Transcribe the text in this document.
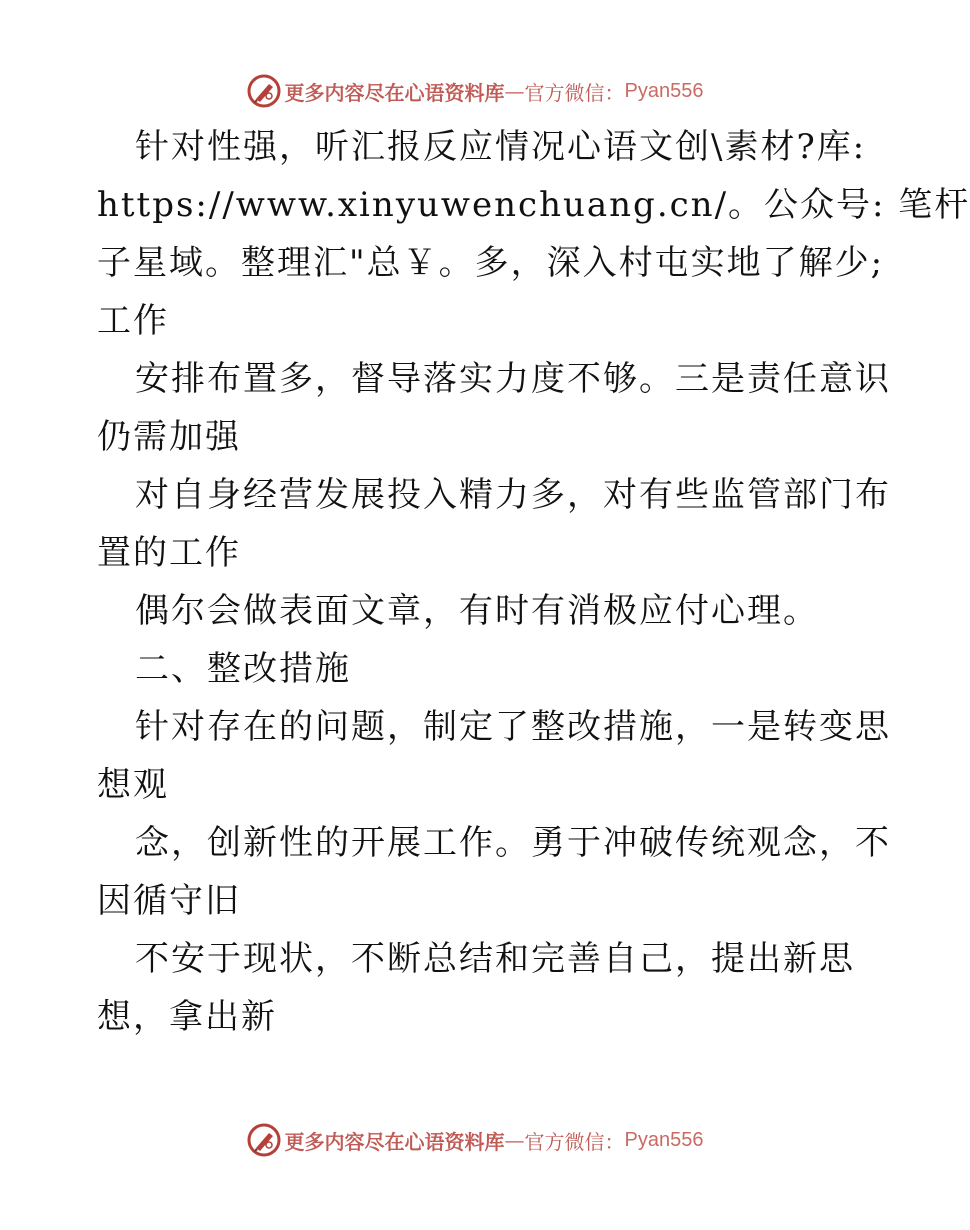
更多内容尽在心语资料库 — 官方微信： Pyan556
针对性强，听汇报反应情况心语文创\素材?库:
https://www.xinyuwenchuang.cn/。公众号: 笔杆
子星域。整理汇"总￥。多，深入村屯实地了解少;
工作
安排布置多，督导落实力度不够。三是责任意识
仍需加强
对自身经营发展投入精力多，对有些监管部门布
置的工作
偶尔会做表面文章，有时有消极应付心理。
二、整改措施
针对存在的问题，制定了整改措施，一是转变思
想观
念，创新性的开展工作。勇于冲破传统观念，不
因循守旧
不安于现状，不断总结和完善自己，提出新思
想，拿出新
更多内容尽在心语资料库 — 官方微信： Pyan556
